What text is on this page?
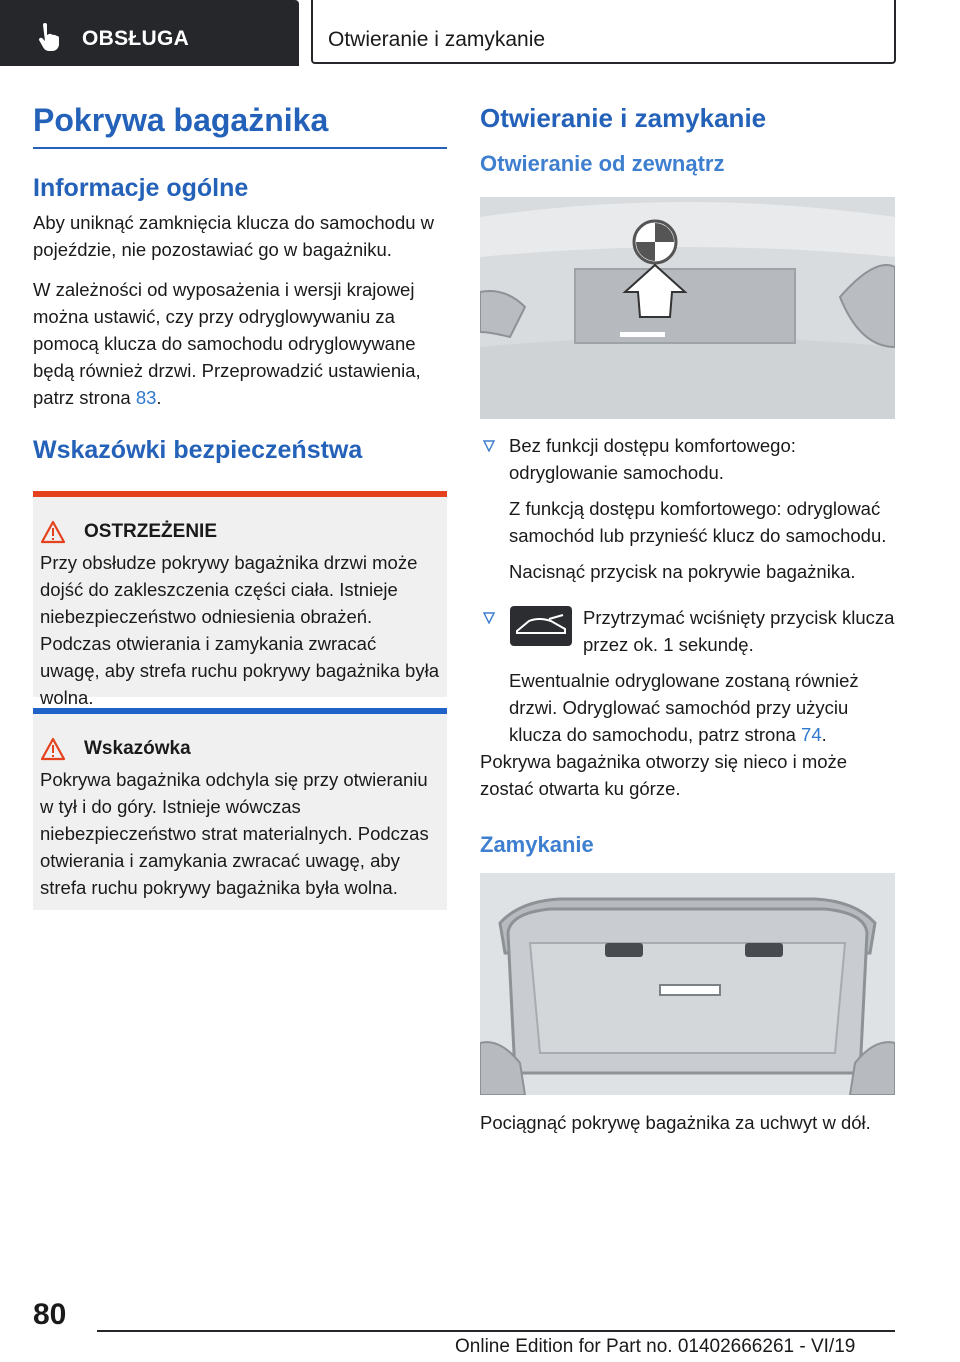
OBSŁUGA	Otwieranie i zamykanie
Pokrywa bagażnika
Informacje ogólne

Aby uniknąć zamknięcia klucza do samochodu w pojeździe, nie pozostawiać go w bagażniku.

W zależności od wyposażenia i wersji krajowej można ustawić, czy przy odryglowywaniu za pomocą klucza do samochodu odryglowywane będą również drzwi. Przeprowadzić ustawienia, patrz strona 83.

Wskazówki bezpieczeństwa
OSTRZEŻENIE

Przy obsłudze pokrywy bagażnika drzwi może dojść do zakleszczenia części ciała. Istnieje niebezpieczeństwo odniesienia obrażeń. Podczas otwierania i zamykania zwracać uwagę, aby strefa ruchu pokrywy bagażnika była wolna.

Wskazówka

Pokrywa bagażnika odchyla się przy otwieraniu w tył i do góry. Istnieje wówczas niebezpieczeństwo strat materialnych. Podczas otwierania i zamykania zwracać uwagę, aby strefa ruchu pokrywy bagażnika była wolna.

Otwieranie i zamykanie
Otwieranie od zewnątrz

Bez funkcji dostępu komfortowego: odryglowanie samochodu.

Z funkcją dostępu komfortowego: odryglować samochód lub przynieść klucz do samochodu.

Nacisnąć przycisk na pokrywie bagażnika.

Przytrzymać wciśnięty przycisk klucza przez ok. 1 sekundę.

Ewentualnie odryglowane zostaną również drzwi. Odryglować samochód przy użyciu klucza do samochodu, patrz strona 74.

Pokrywa bagażnika otworzy się nieco i może zostać otwarta ku górze.

Zamykanie

Pociągnąć pokrywę bagażnika za uchwyt w dół.

80
Online Edition for Part no. 01402666261 - VI/19
